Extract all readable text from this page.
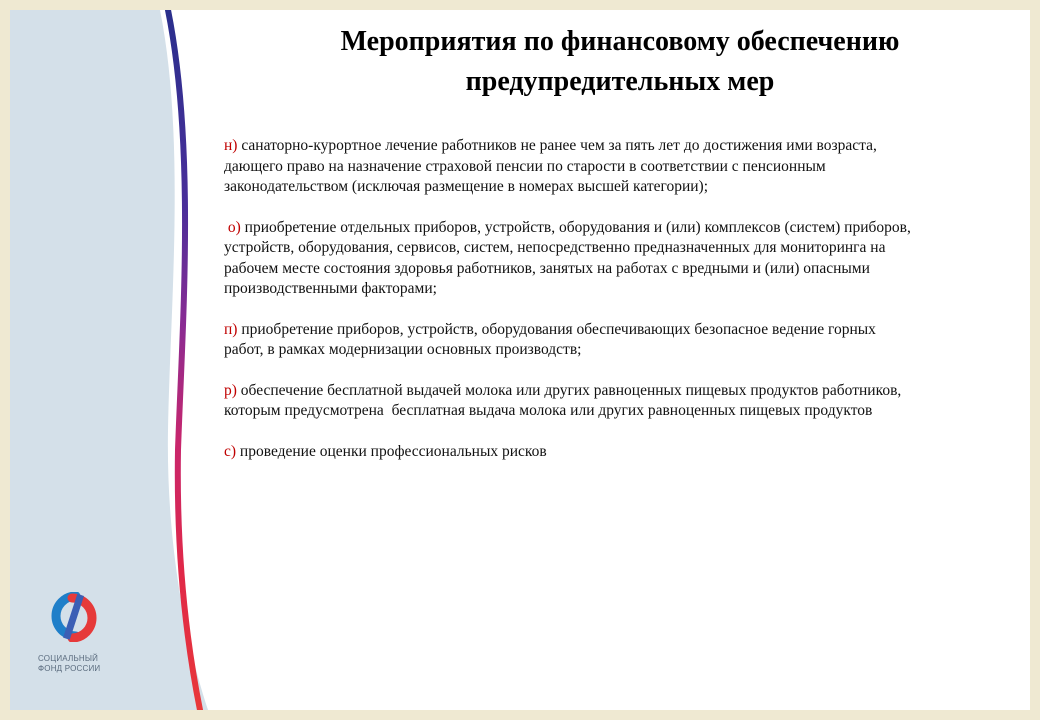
СОЦИАЛЬНЫЙ
ФОНД РОССИИ
Мероприятия по финансовому обеспечению
предупредительных мер

н) санаторно-курортное лечение работников не ранее чем за пять лет до достижения ими возраста,
дающего право на назначение страховой пенсии по старости в соответствии с пенсионным
законодательством (исключая размещение в номерах высшей категории);

о) приобретение отдельных приборов, устройств, оборудования и (или) комплексов (систем) приборов,
устройств, оборудования, сервисов, систем, непосредственно предназначенных для мониторинга на
рабочем месте состояния здоровья работников, занятых на работах с вредными и (или) опасными
производственными факторами;

п) приобретение приборов, устройств, оборудования обеспечивающих безопасное ведение горных
работ, в рамках модернизации основных производств;

р) обеспечение бесплатной выдачей молока или других равноценных пищевых продуктов работников,
которым предусмотрена  бесплатная выдача молока или других равноценных пищевых продуктов

с) проведение оценки профессиональных рисков
